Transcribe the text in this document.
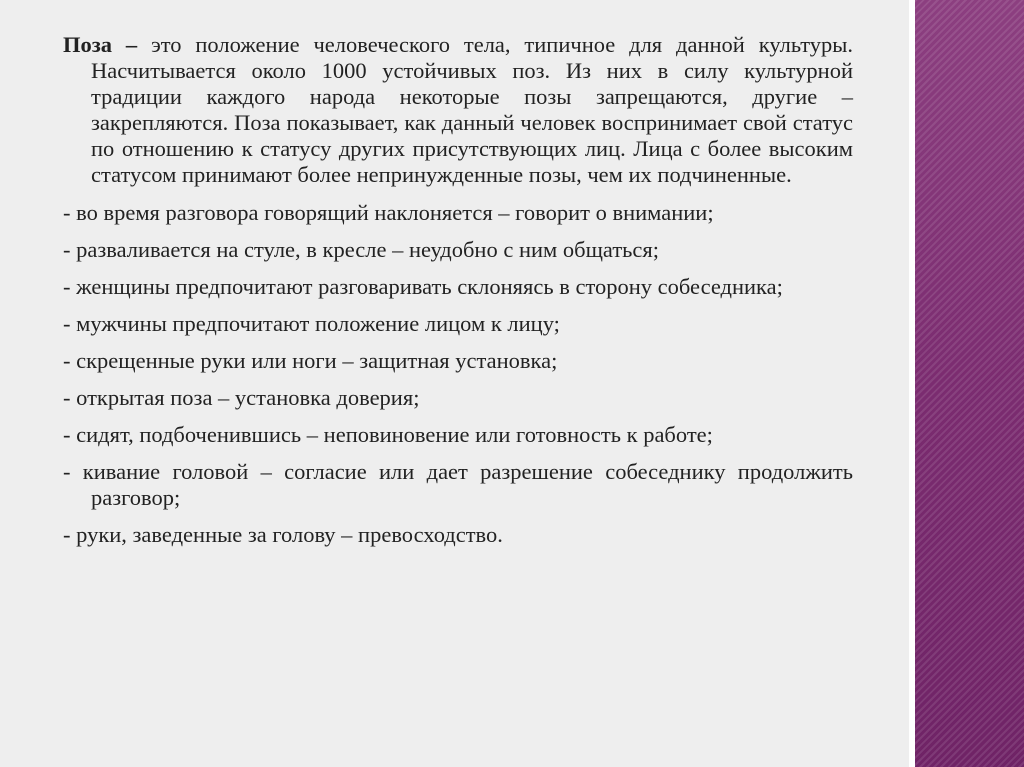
Поза – это положение человеческого тела, типичное для данной культуры. Насчитывается около 1000 устойчивых поз. Из них в силу культурной традиции каждого народа некоторые позы запрещаются, другие – закрепляются. Поза показывает, как данный человек воспринимает свой статус по отношению к статусу других присутствующих лиц. Лица с более высоким статусом принимают более непринужденные позы, чем их подчиненные.

- во время разговора говорящий наклоняется – говорит о внимании;

- разваливается на стуле, в кресле – неудобно с ним общаться;

- женщины предпочитают разговаривать склоняясь в сторону собеседника;

- мужчины предпочитают положение лицом к лицу;

- скрещенные руки или ноги – защитная установка;

- открытая поза – установка доверия;

- сидят, подбоченившись – неповиновение или готовность к работе;

- кивание головой – согласие или дает разрешение собеседнику продолжить разговор;

- руки, заведенные за голову – превосходство.
